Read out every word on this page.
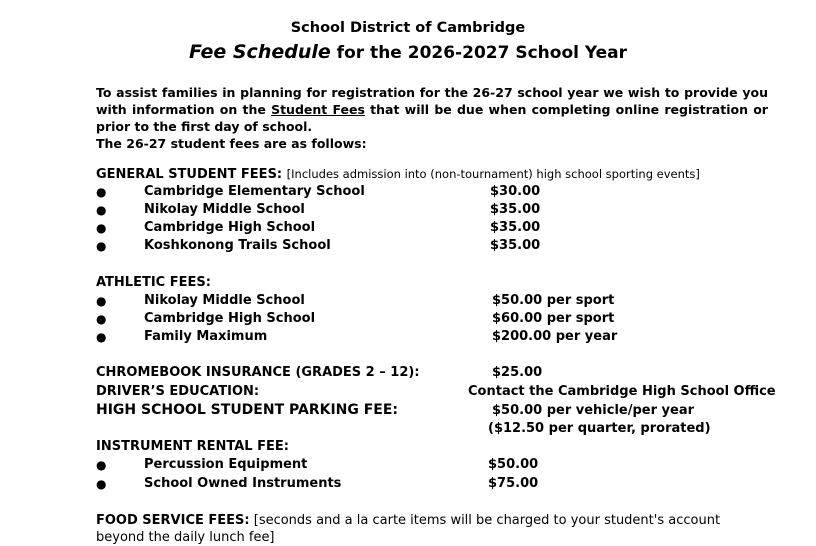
School District of Cambridge
Fee Schedule for the 2026-2027 School Year
To assist families in planning for registration for the 26-27 school year we wish to provide you with information on the Student Fees that will be due when completing online registration or prior to the first day of school.
The 26-27 student fees are as follows:
GENERAL STUDENT FEES: [Includes admission into (non-tournament) high school sporting events]
●	Cambridge Elementary School	$30.00
●	Nikolay Middle School	$35.00
●	Cambridge High School	$35.00
●	Koshkonong Trails School	$35.00
ATHLETIC FEES:
●	Nikolay Middle School	$50.00 per sport
●	Cambridge High School	$60.00 per sport
●	Family Maximum	$200.00 per year
CHROMEBOOK INSURANCE (GRADES 2 – 12):	$25.00
DRIVER’S EDUCATION:	Contact the Cambridge High School Office
HIGH SCHOOL STUDENT PARKING FEE:	$50.00 per vehicle/per year
($12.50 per quarter, prorated)
INSTRUMENT RENTAL FEE:
●	Percussion Equipment	$50.00
●	School Owned Instruments	$75.00
FOOD SERVICE FEES: [seconds and a la carte items will be charged to your student's account beyond the daily lunch fee]
